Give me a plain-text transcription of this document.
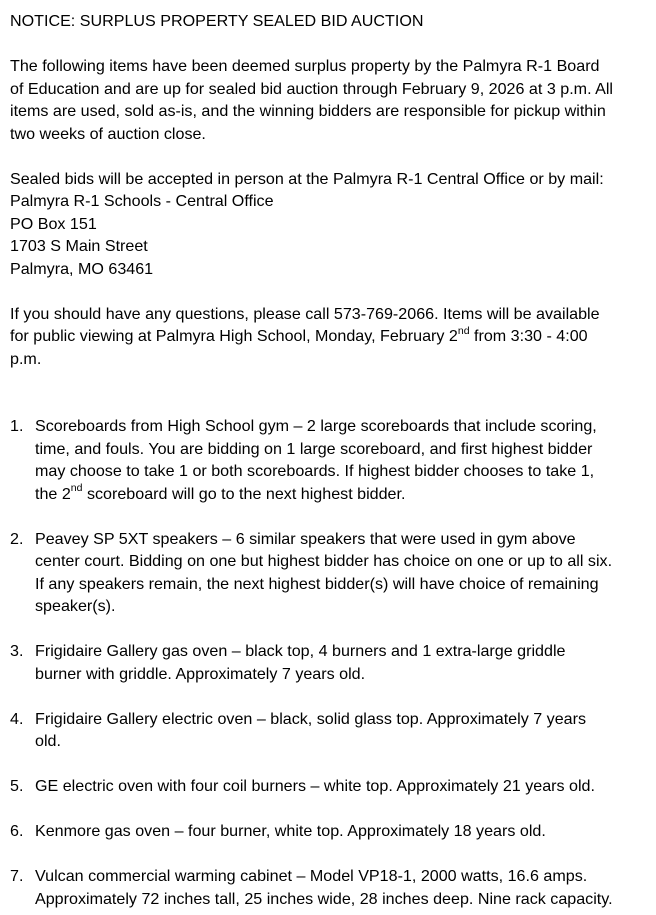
NOTICE: SURPLUS PROPERTY SEALED BID AUCTION
The following items have been deemed surplus property by the Palmyra R-1 Board
of Education and are up for sealed bid auction through February 9, 2026 at 3 p.m. All
items are used, sold as-is, and the winning bidders are responsible for pickup within
two weeks of auction close.
Sealed bids will be accepted in person at the Palmyra R-1 Central Office or by mail:
Palmyra R-1 Schools - Central Office
PO Box 151
1703 S Main Street
Palmyra, MO 63461
If you should have any questions, please call 573-769-2066. Items will be available
for public viewing at Palmyra High School, Monday, February 2nd from 3:30 - 4:00
p.m.
1. Scoreboards from High School gym – 2 large scoreboards that include scoring,
time, and fouls. You are bidding on 1 large scoreboard, and first highest bidder
may choose to take 1 or both scoreboards. If highest bidder chooses to take 1,
the 2nd scoreboard will go to the next highest bidder.
2. Peavey SP 5XT speakers – 6 similar speakers that were used in gym above
center court. Bidding on one but highest bidder has choice on one or up to all six.
If any speakers remain, the next highest bidder(s) will have choice of remaining
speaker(s).
3. Frigidaire Gallery gas oven – black top, 4 burners and 1 extra-large griddle
burner with griddle. Approximately 7 years old.
4. Frigidaire Gallery electric oven – black, solid glass top. Approximately 7 years
old.
5. GE electric oven with four coil burners – white top. Approximately 21 years old.
6. Kenmore gas oven – four burner, white top. Approximately 18 years old.
7. Vulcan commercial warming cabinet – Model VP18-1, 2000 watts, 16.6 amps.
Approximately 72 inches tall, 25 inches wide, 28 inches deep. Nine rack capacity.
